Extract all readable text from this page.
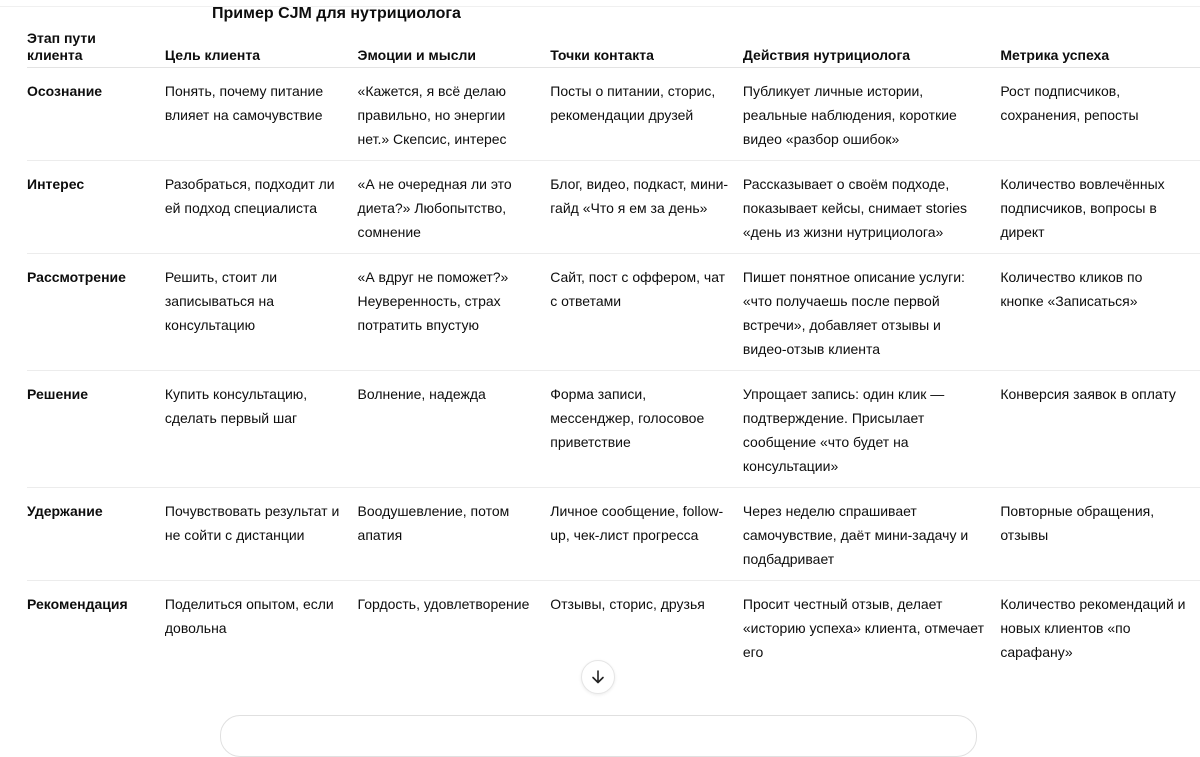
Пример CJM для нутрициолога
Этап пути клиента	Цель клиента	Эмоции и мысли	Точки контакта	Действия нутрициолога	Метрика успеха

Осознание	Понять, почему питание влияет на самочувствие	«Кажется, я всё делаю правильно, но энергии нет.» Скепсис, интерес	Посты о питании, сторис, рекомендации друзей	Публикует личные истории, реальные наблюдения, короткие видео «разбор ошибок»	Рост подписчиков, сохранения, репосты

Интерес	Разобраться, подходит ли ей подход специалиста	«А не очередная ли это диета?» Любопытство, сомнение	Блог, видео, подкаст, мини-гайд «Что я ем за день»	Рассказывает о своём подходе, показывает кейсы, снимает stories «день из жизни нутрициолога»	Количество вовлечённых подписчиков, вопросы в директ

Рассмотрение	Решить, стоит ли записываться на консультацию	«А вдруг не поможет?» Неуверенность, страх потратить впустую	Сайт, пост с оффером, чат с ответами	Пишет понятное описание услуги: «что получаешь после первой встречи», добавляет отзывы и видео-отзыв клиента	Количество кликов по кнопке «Записаться»

Решение	Купить консультацию, сделать первый шаг	Волнение, надежда	Форма записи, мессенджер, голосовое приветствие	Упрощает запись: один клик — подтверждение. Присылает сообщение «что будет на консультации»	Конверсия заявок в оплату

Удержание	Почувствовать результат и не сойти с дистанции	Воодушевление, потом апатия	Личное сообщение, follow-up, чек-лист прогресса	Через неделю спрашивает самочувствие, даёт мини-задачу и подбадривает	Повторные обращения, отзывы

Рекомендация	Поделиться опытом, если довольна	Гордость, удовлетворение	Отзывы, сторис, друзья	Просит честный отзыв, делает «историю успеха» клиента, отмечает его	Количество рекомендаций и новых клиентов «по сарафану»
